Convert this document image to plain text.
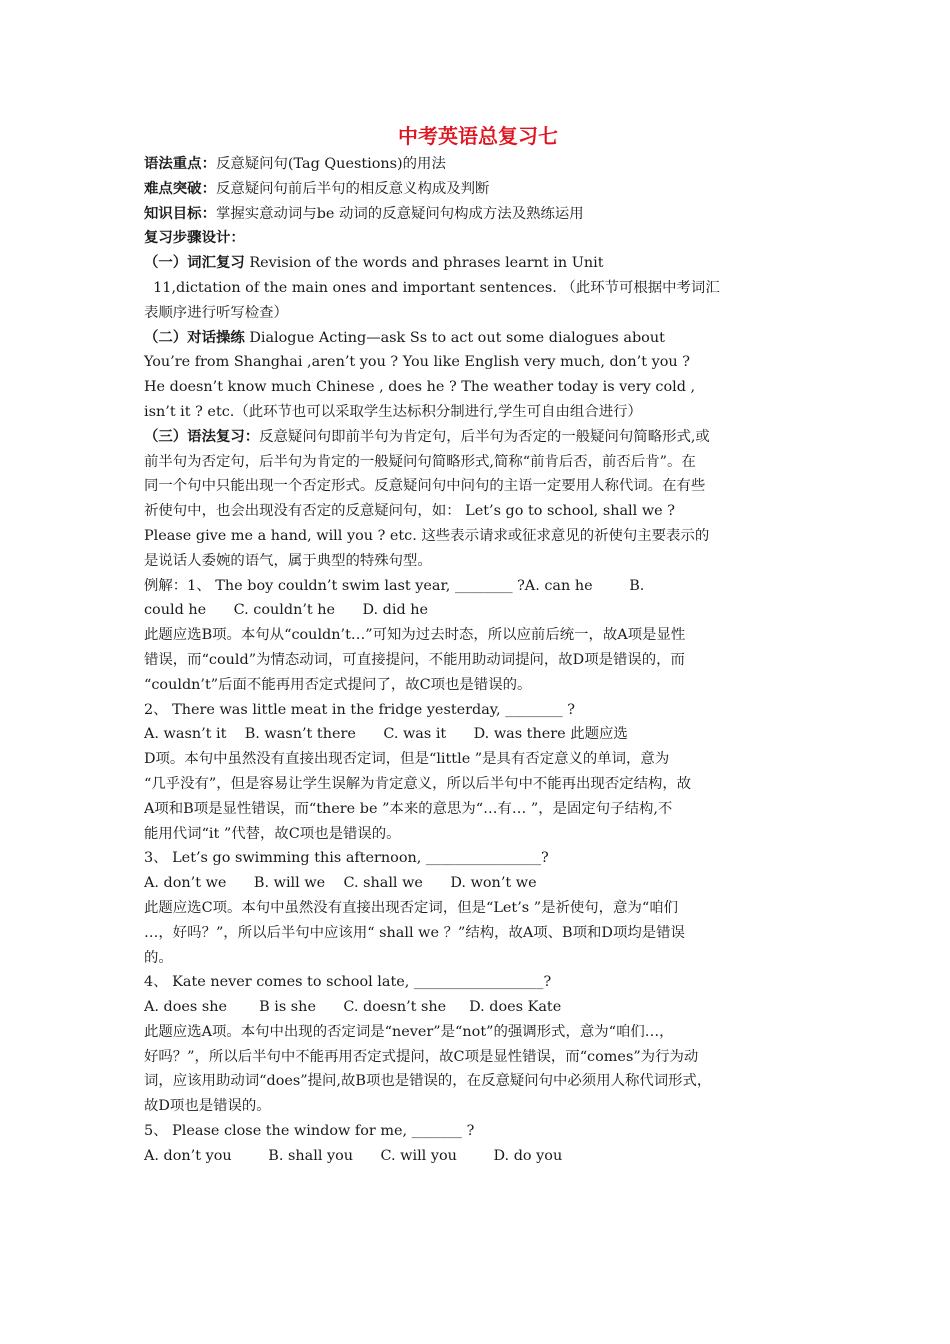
中考英语总复习七

语法重点：反意疑问句(Tag Questions)的用法

难点突破：反意疑问句前后半句的相反意义构成及判断

知识目标：掌握实意动词与be 动词的反意疑问句构成方法及熟练运用

复习步骤设计：

（一）词汇复习 Revision of the words and phrases learnt in Unit

11,dictation of the main ones and important sentences. （此环节可根据中考词汇

表顺序进行听写检查）

（二）对话操练 Dialogue Acting—ask Ss to act out some dialogues about

You’re from Shanghai ,aren’t you ? You like English very much, don’t you ?

He doesn’t know much Chinese , does he ? The weather today is very cold ,

isn’t it ? etc.（此环节也可以采取学生达标积分制进行,学生可自由组合进行）

（三）语法复习：反意疑问句即前半句为肯定句，后半句为否定的一般疑问句简略形式,或

前半句为否定句，后半句为肯定的一般疑问句简略形式,简称“前肯后否，前否后肯”。在

同一个句中只能出现一个否定形式。反意疑问句中问句的主语一定要用人称代词。在有些

祈使句中，也会出现没有否定的反意疑问句，如： Let’s go to school, shall we ?

Please give me a hand, will you ? etc. 这些表示请求或征求意见的祈使句主要表示的

是说话人委婉的语气，属于典型的特殊句型。

例解：1、 The boy couldn’t swim last year, ________ ?A. can he        B.

could he      C. couldn’t he      D. did he

此题应选B项。本句从“couldn’t…”可知为过去时态，所以应前后统一，故A项是显性

错误，而“could”为情态动词，可直接提问，不能用助动词提问，故D项是错误的，而

“couldn’t”后面不能再用否定式提问了，故C项也是错误的。

2、 There was little meat in the fridge yesterday, ________ ?

A. wasn’t it    B. wasn’t there      C. was it      D. was there 此题应选

D项。本句中虽然没有直接出现否定词，但是“little ”是具有否定意义的单词，意为

“几乎没有”，但是容易让学生误解为肯定意义，所以后半句中不能再出现否定结构，故

A项和B项是显性错误，而“there be ”本来的意思为“…有… ”，是固定句子结构,不

能用代词“it ”代替，故C项也是错误的。

3、 Let’s go swimming this afternoon, ________________?

A. don’t we      B. will we    C. shall we      D. won’t we

此题应选C项。本句中虽然没有直接出现否定词，但是“Let’s ”是祈使句，意为“咱们

…，好吗？”，所以后半句中应该用“ shall we ？”结构，故A项、B项和D项均是错误

的。

4、 Kate never comes to school late, __________________?

A. does she       B is she      C. doesn’t she     D. does Kate

此题应选A项。本句中出现的否定词是“never”是“not”的强调形式，意为“咱们…，

好吗？”，所以后半句中不能再用否定式提问，故C项是显性错误，而“comes”为行为动

词，应该用助动词“does”提问,故B项也是错误的，在反意疑问句中必须用人称代词形式，

故D项也是错误的。

5、 Please close the window for me, _______ ?

A. don’t you        B. shall you      C. will you        D. do you
